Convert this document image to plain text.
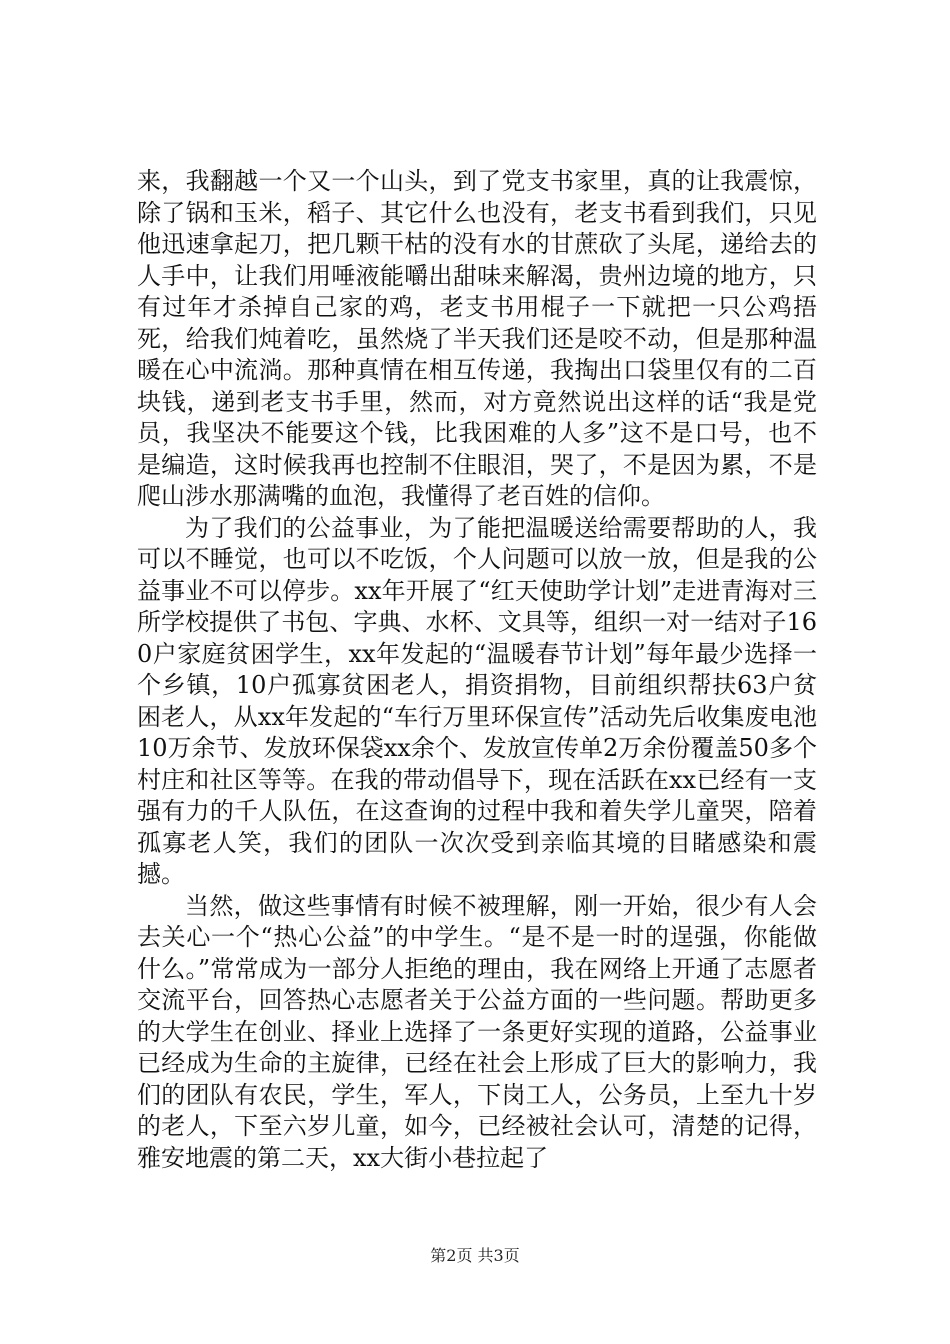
来，我翻越一个又一个山头，到了党支书家里，真的让我震惊，除了锅和玉米，稻子、其它什么也没有，老支书看到我们，只见他迅速拿起刀，把几颗干枯的没有水的甘蔗砍了头尾，递给去的人手中，让我们用唾液能嚼出甜味来解渴，贵州边境的地方，只有过年才杀掉自己家的鸡，老支书用棍子一下就把一只公鸡捂死，给我们炖着吃，虽然烧了半天我们还是咬不动，但是那种温暖在心中流淌。那种真情在相互传递，我掏出口袋里仅有的二百块钱，递到老支书手里，然而，对方竟然说出这样的话“我是党员，我坚决不能要这个钱，比我困难的人多”这不是口号，也不是编造，这时候我再也控制不住眼泪，哭了，不是因为累，不是爬山涉水那满嘴的血泡，我懂得了老百姓的信仰。

为了我们的公益事业，为了能把温暖送给需要帮助的人，我可以不睡觉，也可以不吃饭，个人问题可以放一放，但是我的公益事业不可以停步。xx年开展了“红天使助学计划”走进青海对三所学校提供了书包、字典、水杯、文具等，组织一对一结对子160户家庭贫困学生，xx年发起的“温暖春节计划”每年最少选择一个乡镇，10户孤寡贫困老人，捐资捐物，目前组织帮扶63户贫困老人，从xx年发起的“车行万里环保宣传”活动先后收集废电池10万余节、发放环保袋xx余个、发放宣传单2万余份覆盖50多个村庄和社区等等。在我的带动倡导下，现在活跃在xx已经有一支强有力的千人队伍，在这查询的过程中我和着失学儿童哭，陪着孤寡老人笑，我们的团队一次次受到亲临其境的目睹感染和震撼。

当然，做这些事情有时候不被理解，刚一开始，很少有人会去关心一个“热心公益”的中学生。“是不是一时的逞强，你能做什么。”常常成为一部分人拒绝的理由，我在网络上开通了志愿者交流平台，回答热心志愿者关于公益方面的一些问题。帮助更多的大学生在创业、择业上选择了一条更好实现的道路，公益事业已经成为生命的主旋律，已经在社会上形成了巨大的影响力，我们的团队有农民，学生，军人，下岗工人，公务员，上至九十岁的老人，下至六岁儿童，如今，已经被社会认可，清楚的记得，雅安地震的第二天，xx大街小巷拉起了

第2页 共3页
